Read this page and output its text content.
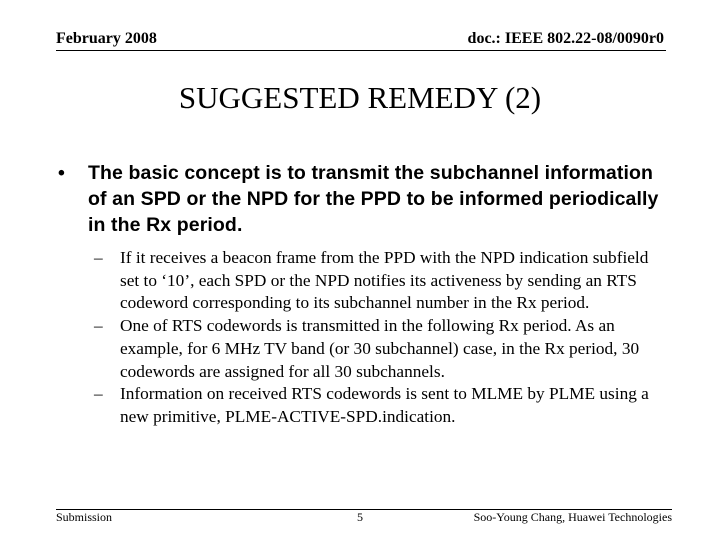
February 2008	doc.: IEEE 802.22-08/0090r0
SUGGESTED REMEDY (2)
•	The basic concept is to transmit the subchannel information of an SPD or the NPD for the PPD to be informed periodically in the Rx period.
–	If it receives a beacon frame from the PPD with the NPD indication subfield set to ‘10’, each SPD or the NPD notifies its activeness by sending an RTS codeword corresponding to its subchannel number in the Rx period.
–	One of RTS codewords is transmitted in the following Rx period. As an example, for 6 MHz TV band (or 30 subchannel) case, in the Rx period, 30 codewords are assigned for all 30 subchannels.
–	Information on received RTS codewords is sent to MLME by PLME using a new primitive, PLME-ACTIVE-SPD.indication.
Submission	5	Soo-Young Chang, Huawei Technologies
